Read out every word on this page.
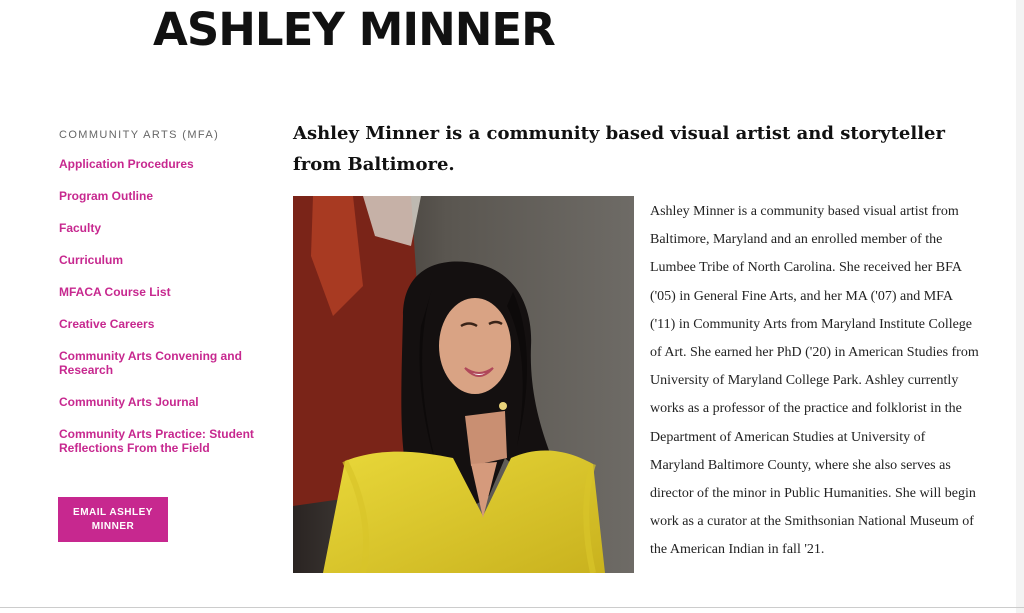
ASHLEY MINNER
COMMUNITY ARTS (MFA)
Application Procedures
Program Outline
Faculty
Curriculum
MFACA Course List
Creative Careers
Community Arts Convening and Research
Community Arts Journal
Community Arts Practice: Student Reflections From the Field
EMAIL ASHLEY MINNER
Ashley Minner is a community based visual artist and storyteller from Baltimore.

Ashley Minner is a community based visual artist from Baltimore, Maryland and an enrolled member of the Lumbee Tribe of North Carolina. She received her BFA ('05) in General Fine Arts, and her MA ('07) and MFA ('11) in Community Arts from Maryland Institute College of Art. She earned her PhD ('20) in American Studies from University of Maryland College Park. Ashley currently works as a professor of the practice and folklorist in the Department of American Studies at University of Maryland Baltimore County, where she also serves as director of the minor in Public Humanities. She will begin work as a curator at the Smithsonian National Museum of the American Indian in fall '21.
